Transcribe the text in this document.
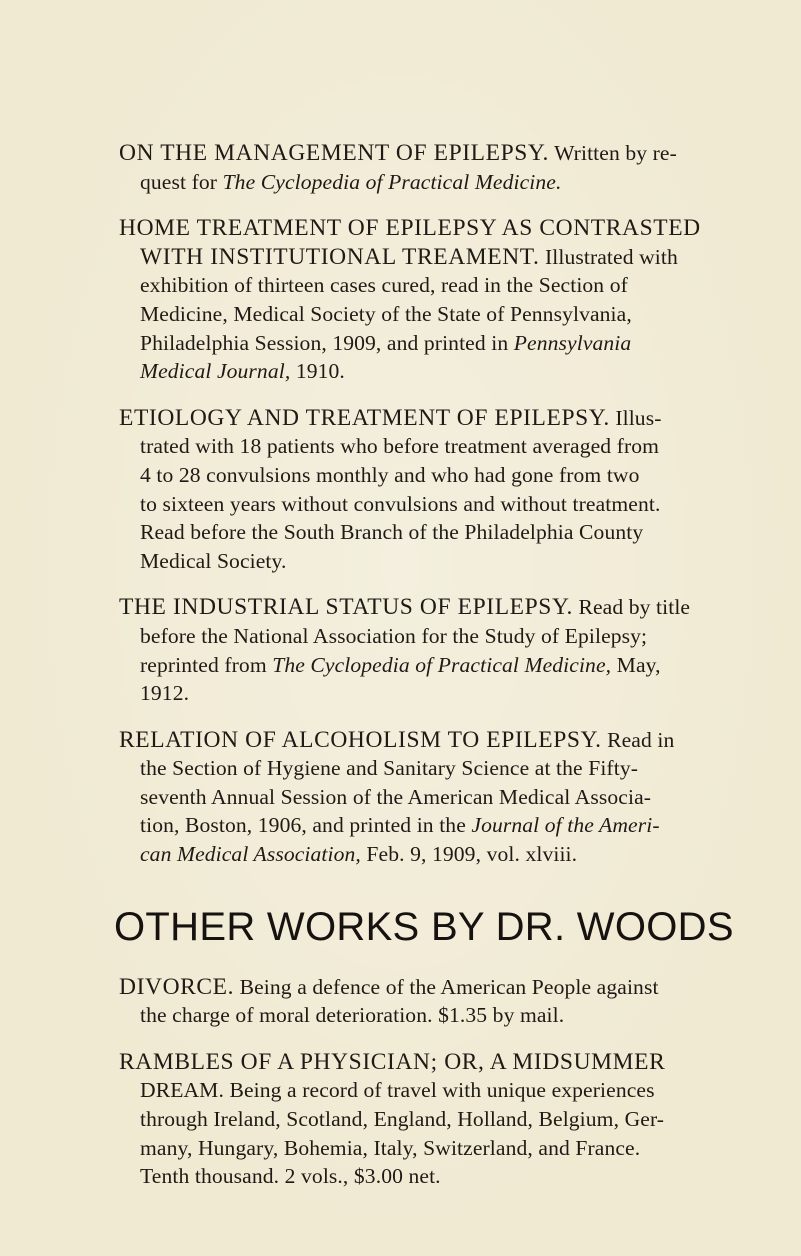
ON THE MANAGEMENT OF EPILEPSY. Written by re-
quest for The Cyclopedia of Practical Medicine.
HOME TREATMENT OF EPILEPSY AS CONTRASTED
WITH INSTITUTIONAL TREAMENT. Illustrated with
exhibition of thirteen cases cured, read in the Section of
Medicine, Medical Society of the State of Pennsylvania,
Philadelphia Session, 1909, and printed in Pennsylvania
Medical Journal, 1910.
ETIOLOGY AND TREATMENT OF EPILEPSY. Illus-
trated with 18 patients who before treatment averaged from
4 to 28 convulsions monthly and who had gone from two
to sixteen years without convulsions and without treatment.
Read before the South Branch of the Philadelphia County
Medical Society.
THE INDUSTRIAL STATUS OF EPILEPSY. Read by title
before the National Association for the Study of Epilepsy;
reprinted from The Cyclopedia of Practical Medicine, May,
1912.
RELATION OF ALCOHOLISM TO EPILEPSY. Read in
the Section of Hygiene and Sanitary Science at the Fifty-
seventh Annual Session of the American Medical Associa-
tion, Boston, 1906, and printed in the Journal of the Ameri-
can Medical Association, Feb. 9, 1909, vol. xlviii.
OTHER WORKS BY DR. WOODS
DIVORCE. Being a defence of the American People against
the charge of moral deterioration. $1.35 by mail.
RAMBLES OF A PHYSICIAN; OR, A MIDSUMMER
DREAM. Being a record of travel with unique experiences
through Ireland, Scotland, England, Holland, Belgium, Ger-
many, Hungary, Bohemia, Italy, Switzerland, and France.
Tenth thousand. 2 vols., $3.00 net.
